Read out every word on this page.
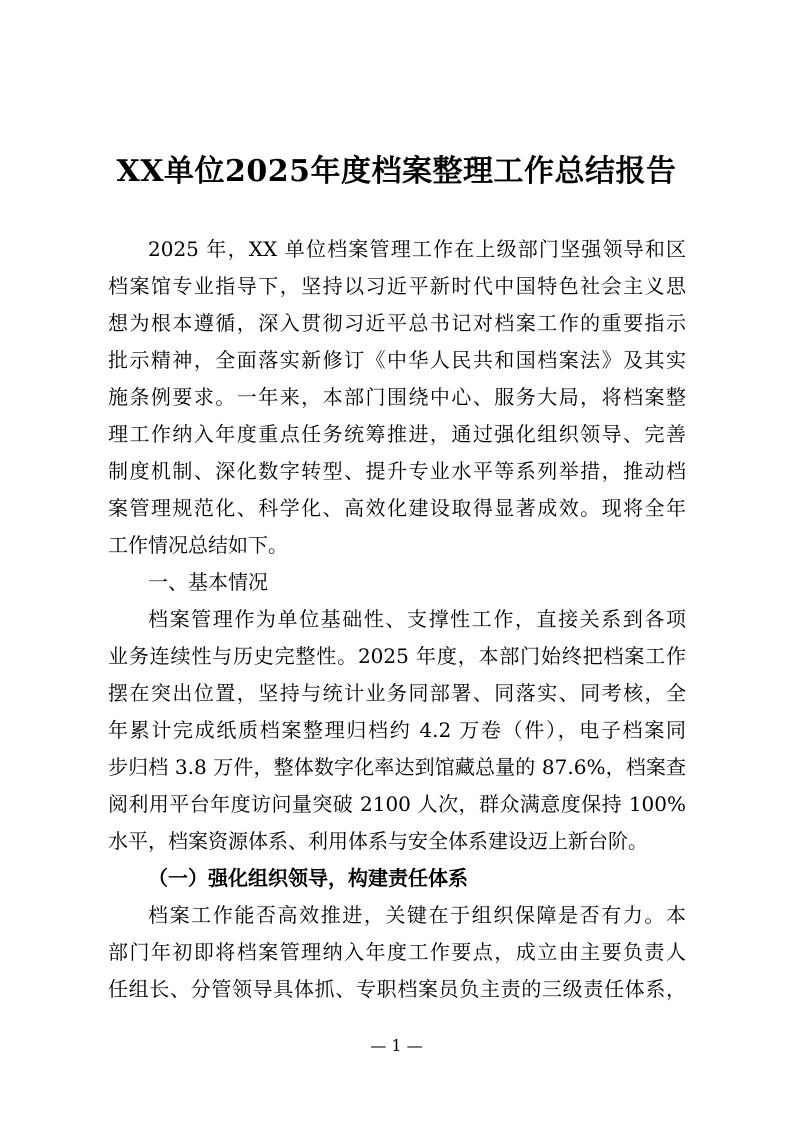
XX单位2025年度档案整理工作总结报告
2025 年，XX 单位档案管理工作在上级部门坚强领导和区
档案馆专业指导下，坚持以习近平新时代中国特色社会主义思
想为根本遵循，深入贯彻习近平总书记对档案工作的重要指示
批示精神，全面落实新修订《中华人民共和国档案法》及其实
施条例要求。一年来，本部门围绕中心、服务大局，将档案整
理工作纳入年度重点任务统筹推进，通过强化组织领导、完善
制度机制、深化数字转型、提升专业水平等系列举措，推动档
案管理规范化、科学化、高效化建设取得显著成效。现将全年
工作情况总结如下。
一、基本情况
档案管理作为单位基础性、支撑性工作，直接关系到各项
业务连续性与历史完整性。2025 年度，本部门始终把档案工作
摆在突出位置，坚持与统计业务同部署、同落实、同考核，全
年累计完成纸质档案整理归档约 4.2 万卷（件），电子档案同
步归档 3.8 万件，整体数字化率达到馆藏总量的 87.6%，档案查
阅利用平台年度访问量突破 2100 人次，群众满意度保持 100%
水平，档案资源体系、利用体系与安全体系建设迈上新台阶。
（一）强化组织领导，构建责任体系
档案工作能否高效推进，关键在于组织保障是否有力。本
部门年初即将档案管理纳入年度工作要点，成立由主要负责人
任组长、分管领导具体抓、专职档案员负主责的三级责任体系，
— 1 —
